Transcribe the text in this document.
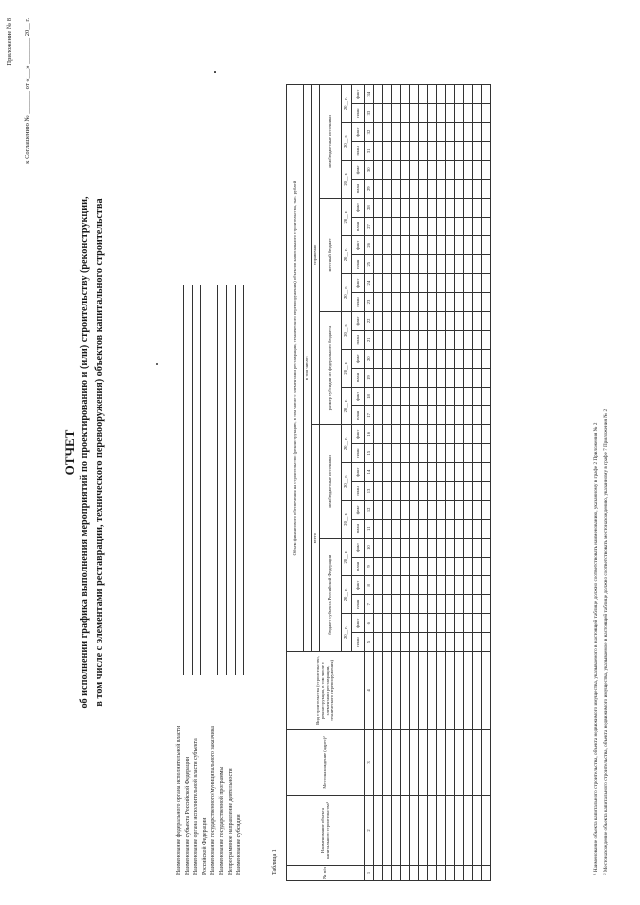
Приложение № 8 к Соглашению № _______ от «___» ________ 20__ г.
ОТЧЕТ об исполнении графика выполнения мероприятий по проектированию и (или) строительству (реконструкции, в том числе с элементами реставрации, технического перевооружения) объектов капитального строительства
Наименование федерального органа исполнительной власти Наименование субъекта Российской Федерации Наименование органа исполнительной власти субъекта Российской Федерации Наименование государственного/муниципального заказчика Наименование государственной программы Непрограммное направление деятельности Наименование субсидии	Таблица 1	№ п/п	Наименование объекта капитального строительства¹	Местонахождение (адрес)²	Вид строительства (строительство, реконструкция, в том числе с элементами реставрации, технического перевооружения)	Объем финансового обеспечения на строительство (реконструкцию, в том числе с элементами реставрации, технического перевооружения) объектов капитального строительства, тыс. рублей																													
				в том числе:																													
				всего												справочно																	
				бюджет субъекта Российской Федерации						межбюджетные источники						размер субсидии из федерального бюджета						местный бюджет						межбюджетные источники					
				20__ г.		20__ г.		20__ г.		20__ г.		20__ г.		20__ г.		20__ г.		20__ г.		20__ г.		20__ г.		20__ г.		20__ г.		20__ г.		20__ г.		20__ г.	
				план	факт	план	факт	план	факт	план	факт	план	факт	план	факт	план	факт	план	факт	план	факт	план	факт	план	факт	план	факт	план	факт	план	факт	план	факт
1	2	3	4	5	6	7	8	9	10	11	12	13	14	15	16	17	18	19	20	21	22	23	24	25	26	27	28	29	30	31	32	33	34

¹ Наименование объекта капитального строительства, объекта недвижимого имущества, указываемого в настоящей таблице должно соответствовать наименованию, указанному в графе 2 Приложения № 2 ² Местонахождение объекта капитального строительства, объекта недвижимого имущества, указываемое в настоящей таблице должно соответствовать местонахождению, указанному в графе 7 Приложения № 2
